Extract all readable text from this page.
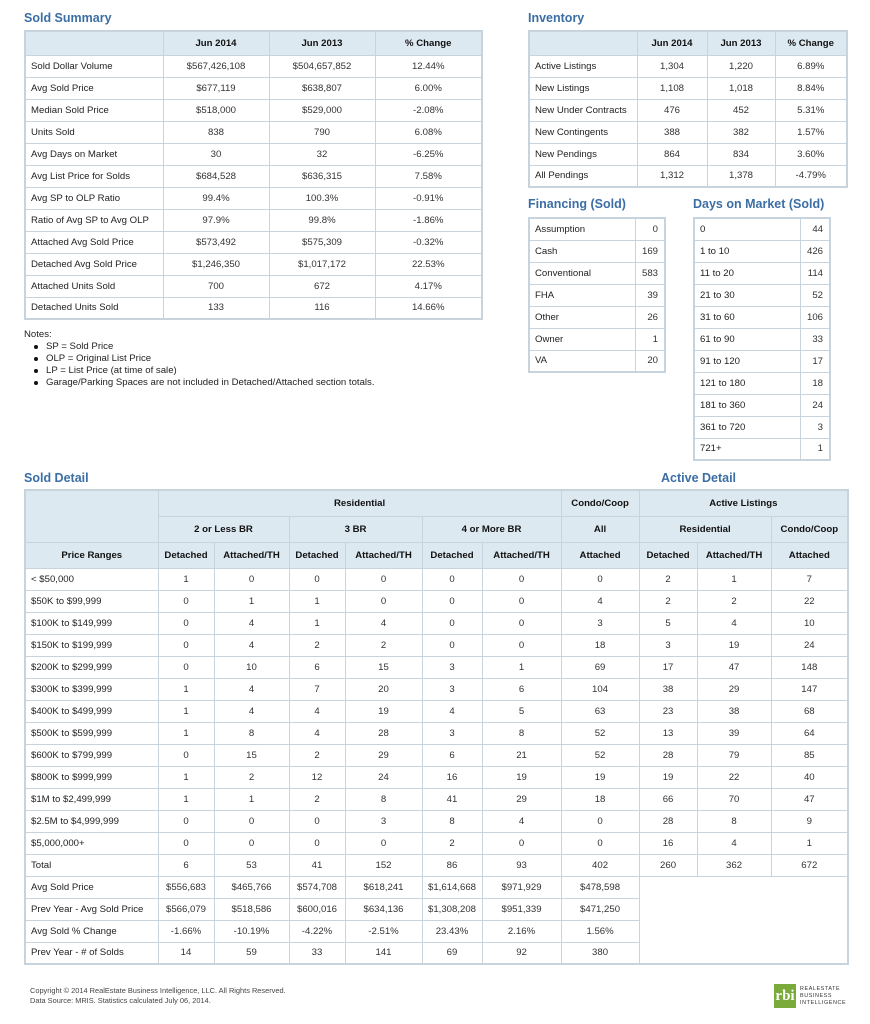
Sold Summary
	Jun 2014	Jun 2013	% Change
Sold Dollar Volume	$567,426,108	$504,657,852	12.44%
Avg Sold Price	$677,119	$638,807	6.00%
Median Sold Price	$518,000	$529,000	-2.08%
Units Sold	838	790	6.08%
Avg Days on Market	30	32	-6.25%
Avg List Price for Solds	$684,528	$636,315	7.58%
Avg SP to OLP Ratio	99.4%	100.3%	-0.91%
Ratio of Avg SP to Avg OLP	97.9%	99.8%	-1.86%
Attached Avg Sold Price	$573,492	$575,309	-0.32%
Detached Avg Sold Price	$1,246,350	$1,017,172	22.53%
Attached Units Sold	700	672	4.17%
Detached Units Sold	133	116	14.66%
Inventory
	Jun 2014	Jun 2013	% Change
Active Listings	1,304	1,220	6.89%
New Listings	1,108	1,018	8.84%
New Under Contracts	476	452	5.31%
New Contingents	388	382	1.57%
New Pendings	864	834	3.60%
All Pendings	1,312	1,378	-4.79%
Financing (Sold)
Assumption	0
Cash	169
Conventional	583
FHA	39
Other	26
Owner	1
VA	20
Days on Market (Sold)
0	44
1 to 10	426
11 to 20	114
21 to 30	52
31 to 60	106
61 to 90	33
91 to 120	17
121 to 180	18
181 to 360	24
361 to 720	3
721+	1
Notes:
SP = Sold Price
OLP = Original List Price
LP = List Price (at time of sale)
Garage/Parking Spaces are not included in Detached/Attached section totals.
Sold Detail	Active Detail
	Residential						Condo/Coop	Active Listings		
	2 or Less BR		3 BR		4 or More BR		All	Residential		Condo/Coop
Price Ranges	Detached	Attached/TH	Detached	Attached/TH	Detached	Attached/TH	Attached	Detached	Attached/TH	Attached
< $50,000	1	0	0	0	0	0	0	2	1	7
$50K to $99,999	0	1	1	0	0	0	4	2	2	22
$100K to $149,999	0	4	1	4	0	0	3	5	4	10
$150K to $199,999	0	4	2	2	0	0	18	3	19	24
$200K to $299,999	0	10	6	15	3	1	69	17	47	148
$300K to $399,999	1	4	7	20	3	6	104	38	29	147
$400K to $499,999	1	4	4	19	4	5	63	23	38	68
$500K to $599,999	1	8	4	28	3	8	52	13	39	64
$600K to $799,999	0	15	2	29	6	21	52	28	79	85
$800K to $999,999	1	2	12	24	16	19	19	19	22	40
$1M to $2,499,999	1	1	2	8	41	29	18	66	70	47
$2.5M to $4,999,999	0	0	0	3	8	4	0	28	8	9
$5,000,000+	0	0	0	0	2	0	0	16	4	1
Total	6	53	41	152	86	93	402	260	362	672
Avg Sold Price	$556,683	$465,766	$574,708	$618,241	$1,614,668	$971,929	$478,598			
Prev Year - Avg Sold Price	$566,079	$518,586	$600,016	$634,136	$1,308,208	$951,339	$471,250			
Avg Sold % Change	-1.66%	-10.19%	-4.22%	-2.51%	23.43%	2.16%	1.56%			
Prev Year - # of Solds	14	59	33	141	69	92	380			
Copyright © 2014 RealEstate Business Intelligence, LLC. All Rights Reserved.
Data Source: MRIS. Statistics calculated July 06, 2014.	rbi REALESTATE
BUSINESS
INTELLIGENCE
